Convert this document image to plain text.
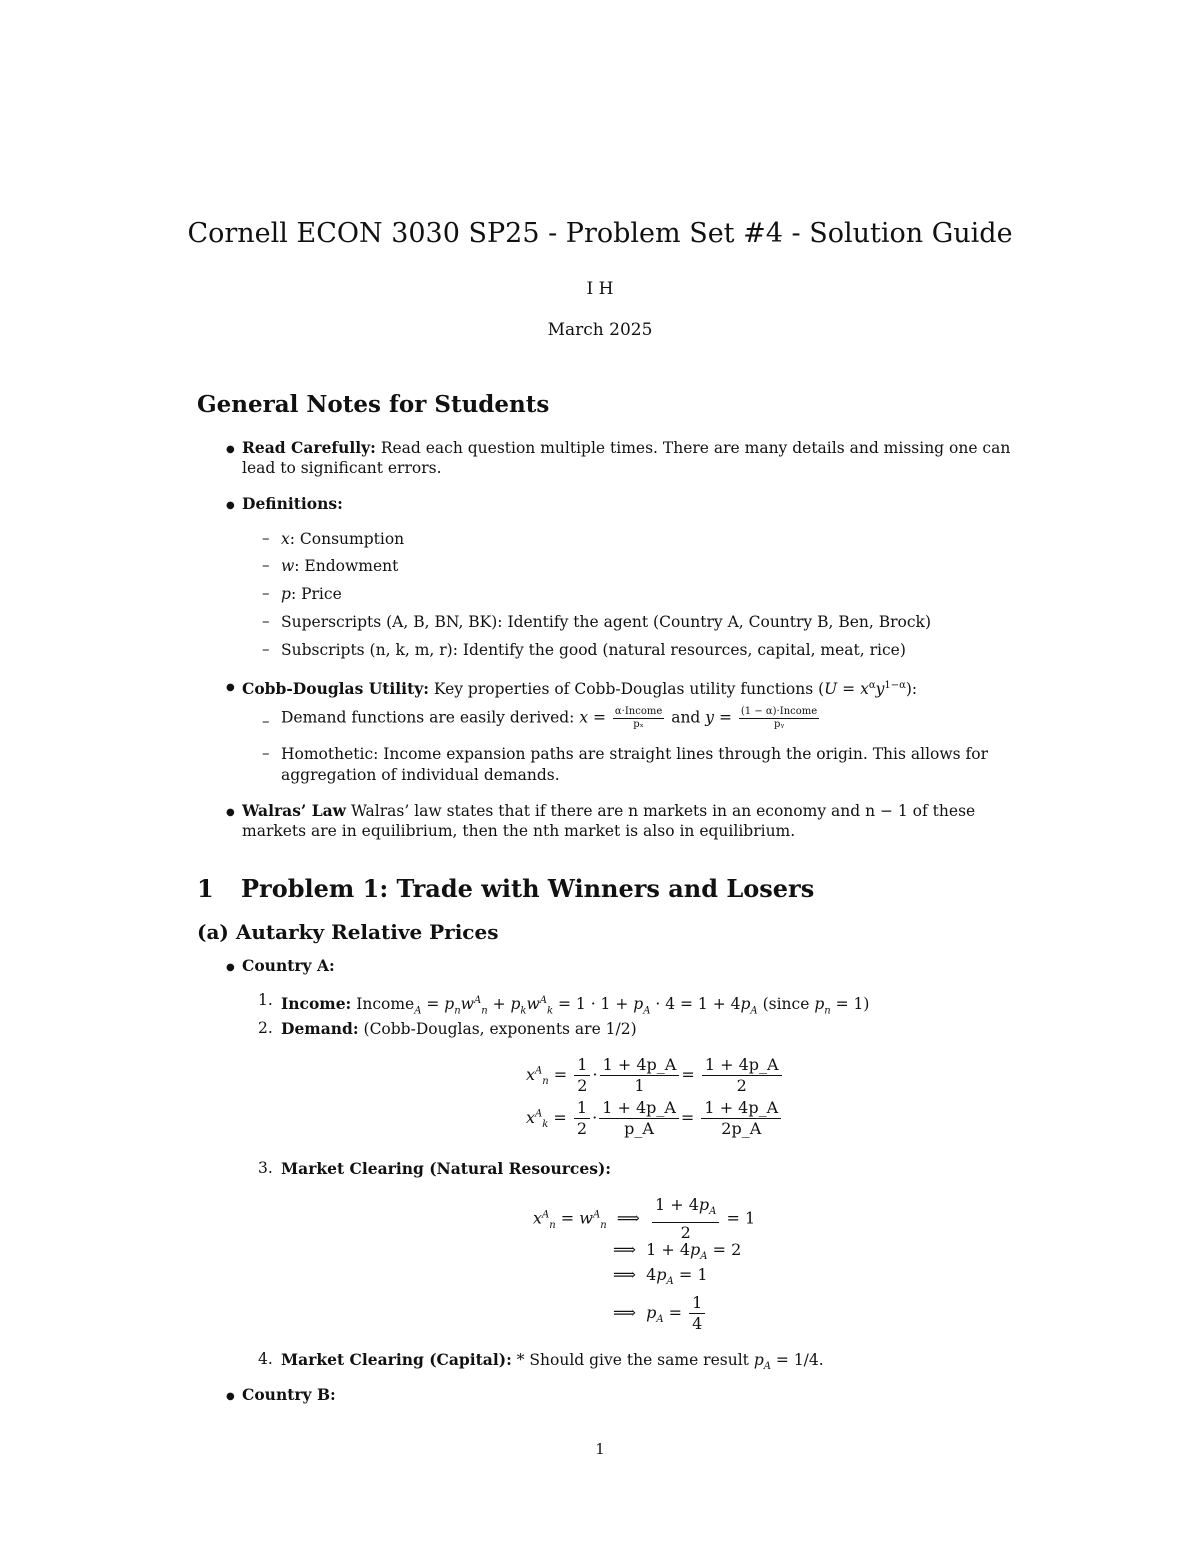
Cornell ECON 3030 SP25 - Problem Set #4 - Solution Guide
I H
March 2025
General Notes for Students
● Read Carefully: Read each question multiple times. There are many details and missing one can
lead to significant errors.
● Definitions:
– x: Consumption
– w: Endowment
– p: Price
– Superscripts (A, B, BN, BK): Identify the agent (Country A, Country B, Ben, Brock)
– Subscripts (n, k, m, r): Identify the good (natural resources, capital, meat, rice)
● Cobb-Douglas Utility: Key properties of Cobb-Douglas utility functions $(U = x^\alpha y^{1-\alpha})$:
– Demand functions are easily derived: x = α·Income
pₓ	and y = (1 − α)·Income
pᵧ
– Homothetic: Income expansion paths are straight lines through the origin. This allows for
aggregation of individual demands.
● Walras’ Law Walras’ law states that if there are n markets in an economy and n − 1 of these
markets are in equilibrium, then the nth market is also in equilibrium.
1 Problem 1: Trade with Winners and Losers
(a) Autarky Relative Prices
● Country A:
1. Income: Income$_A$ = $p_nw^A_n + p_kw^A_k = 1 \cdot 1 + p_A \cdot 4 = 1 + 4p_A$ (since $p_n = 1$)
2. Demand: (Cobb-Douglas, exponents are 1/2)
$x^A_n = \frac{1}{2} \cdot \frac{1 + 4p\_A}{1} = \frac{1 + 4p\_A}{2}$
$x^A_k = \frac{1}{2} \cdot \frac{1 + 4p\_A}{p\_A} = \frac{1 + 4p\_A}{2p\_A}$
3. Market Clearing (Natural Resources):
$x^A_n = w^A_n$  ⟹ $\frac{1 + 4p_A}{2} = 1$
⟹  $1 + 4p_A = 2$
⟹  $4p_A = 1$
⟹  $p_A = \frac{1}{4}$
4. Market Clearing (Capital): * Should give the same result $p_A = 1/4$.
● Country B:
1
